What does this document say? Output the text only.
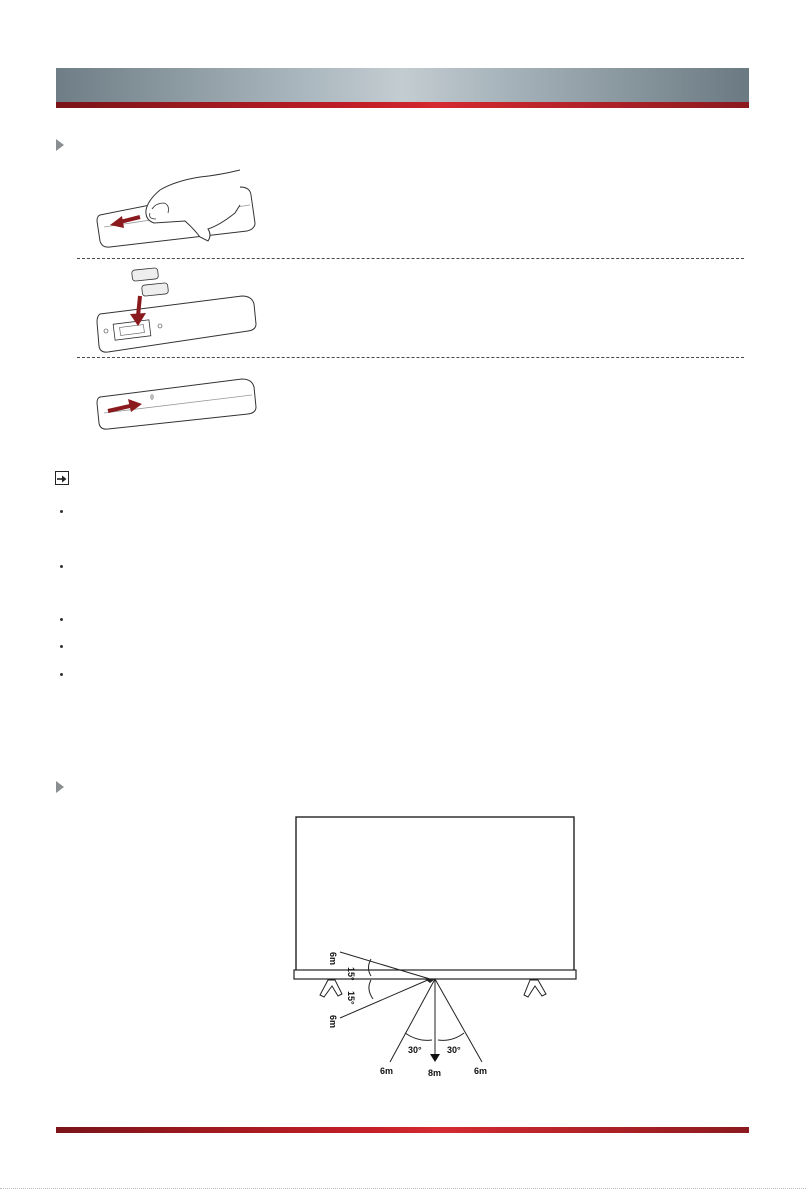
6m
15°
15°
6m
30°	30°
6m	8m	6m
